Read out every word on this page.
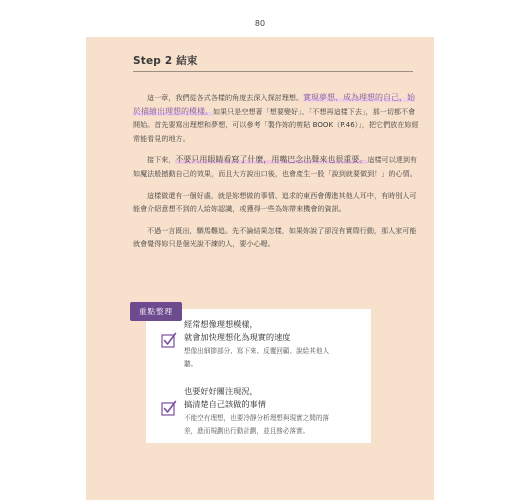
80
Step 2 結束

這一章，我們從各式各樣的角度去深入探討理想。實現夢想、成為理想的自己，始於描繪出理想的模樣。如果只是空想著「想要變好」、「不想再這樣下去」，那一切都不會開始。首先要寫出理想和夢想，可以參考「製作妳的剪貼 BOOK（P.46）」，把它們放在妳經常能看見的地方。

接下來，不要只用眼睛看寫了什麼，用嘴巴念出聲來也很重要。這樣可以達到有如魔法般撼動自己的效果，而且大方說出口後，也會產生一股「說到就要做到！」的心情。

這樣做還有一個好處，就是妳想做的事情、追求的東西會傳進其他人耳中，有時別人可能會介紹意想不到的人給妳認識，或獲得一些為妳帶來機會的資訊。

不過一言既出，駟馬難追。先不論結果怎樣，如果妳說了卻沒有實際行動，那人家可能就會覺得妳只是個光說不練的人，要小心喔。

經常想像理想模樣，
就會加快理想化為現實的速度
想像出細節部分、寫下來、反覆回顧、說給其他人
聽。
也要好好關注現況，
搞清楚自己該做的事情
不能空有理想，也要冷靜分析理想與現實之間的落
差，進而規劃出行動計劃，並且務必落實。
重點整理
